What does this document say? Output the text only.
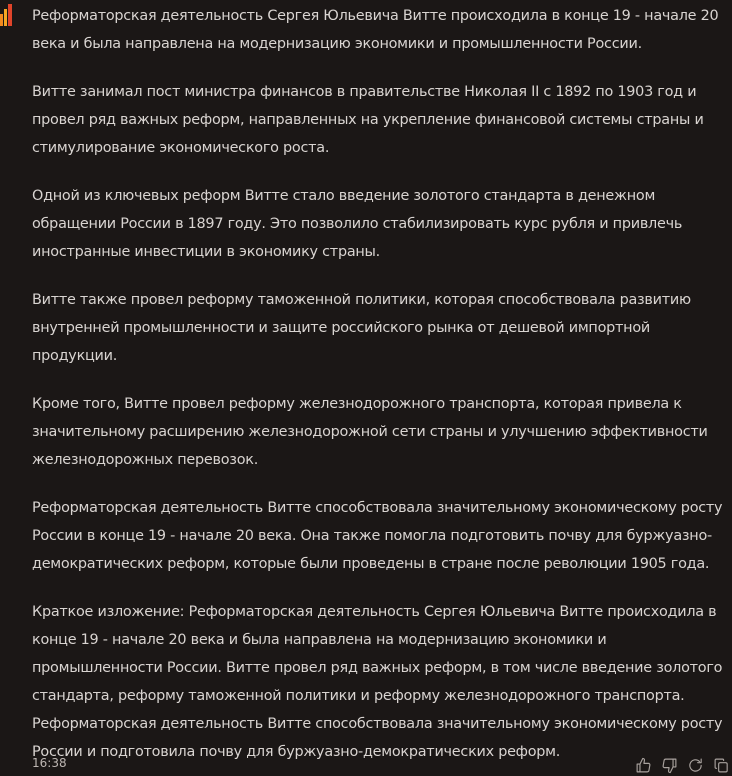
Реформаторская деятельность Сергея Юльевича Витте происходила в конце 19 - начале 20 века и была направлена на модернизацию экономики и промышленности России.

Витте занимал пост министра финансов в правительстве Николая II с 1892 по 1903 год и провел ряд важных реформ, направленных на укрепление финансовой системы страны и стимулирование экономического роста.

Одной из ключевых реформ Витте стало введение золотого стандарта в денежном обращении России в 1897 году. Это позволило стабилизировать курс рубля и привлечь иностранные инвестиции в экономику страны.

Витте также провел реформу таможенной политики, которая способствовала развитию внутренней промышленности и защите российского рынка от дешевой импортной продукции.

Кроме того, Витте провел реформу железнодорожного транспорта, которая привела к значительному расширению железнодорожной сети страны и улучшению эффективности железнодорожных перевозок.

Реформаторская деятельность Витте способствовала значительному экономическому росту России в конце 19 - начале 20 века. Она также помогла подготовить почву для буржуазно-демократических реформ, которые были проведены в стране после революции 1905 года.

Краткое изложение: Реформаторская деятельность Сергея Юльевича Витте происходила в конце 19 - начале 20 века и была направлена на модернизацию экономики и промышленности России. Витте провел ряд важных реформ, в том числе введение золотого стандарта, реформу таможенной политики и реформу железнодорожного транспорта. Реформаторская деятельность Витте способствовала значительному экономическому росту России и подготовила почву для буржуазно-демократических реформ.

16:38
